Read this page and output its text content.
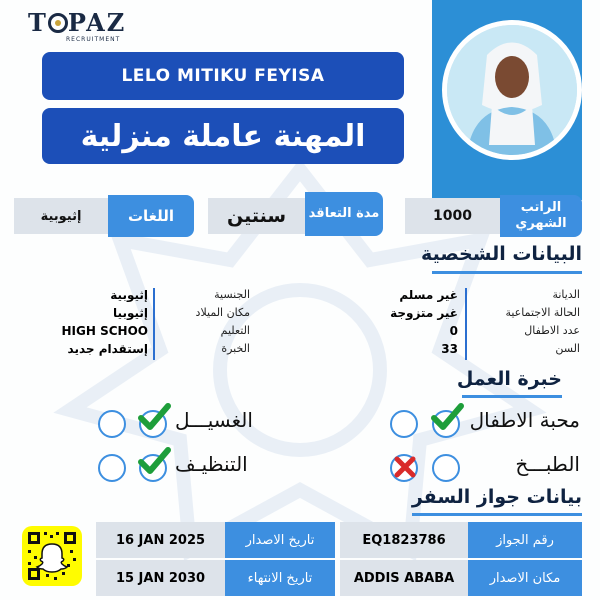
T PAZ
RECRUITMENT
LELO MITIKU FEYISA
المهنة عاملة منزلية
الراتب الشهري
1000
مدة التعاقد
سنتين
اللغات
إثيوبية
البيانات الشخصية
الديانة
الحالة الاجتماعية
عدد الاطفال
السن
غير مسلم
غير متزوجة
0
33
الجنسية
مكان الميلاد
التعليم
الخبرة
إثيوبية
إثيوبيا
HIGH SCHOO
إستقدام جديد
خبرة العمل
محبة الاطفال
الغسيـــل
الطبـــخ
التنظيـف
بيانات جواز السفر
رقم الجواز
EQ1823786
تاريخ الاصدار
16 JAN 2025
مكان الاصدار
ADDIS ABABA
تاريخ الانتهاء
15 JAN 2030
